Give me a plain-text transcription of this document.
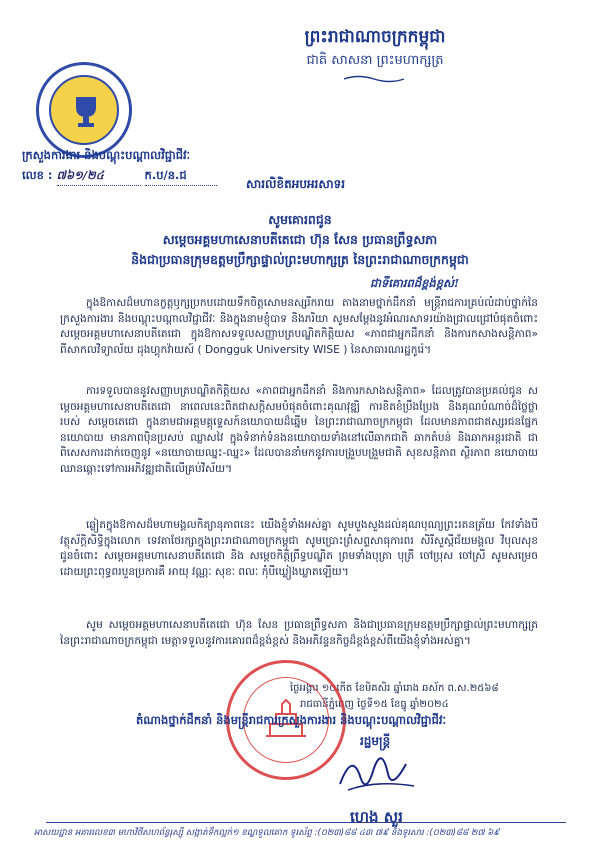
ព្រះរាជាណាចក្រកម្ពុជា
ជាតិ សាសនា ព្រះមហាក្សត្រ
ក្រសួងការងារ និងបណ្តុះបណ្តាលវិជ្ជាជីវៈ
លេខ : ៧៦១/២៤	ក.ប/ន.ជ
សារលិខិតអបអរសាទរ
សូមគោរពជូន
សម្តេចអគ្គមហាសេនាបតីតេជោ ហ៊ុន សែន ប្រធានព្រឹទ្ធសភា
និងជាប្រធានក្រុមឧត្តមប្រឹក្សាផ្ទាល់ព្រះមហាក្សត្រ នៃព្រះរាជាណាចក្រកម្ពុជា
ជាទីគោរពដ៏ខ្ពង់ខ្ពស់!
ក្នុងឱកាសដ៏មហានក្ខត្តឫក្សប្រកបដោយទឹកចិត្តសោមនស្សរីករាយ តាងនាមថ្នាក់ដឹកនាំ មន្ត្រីរាជការគ្រប់លំដាប់ថ្នាក់នៃក្រសួងការងារ និងបណ្តុះបណ្តាលវិជ្ជាជីវៈ និងក្នុងនាមខ្ញុំបាទ និងភរិយា សូមសម្តែងនូវអំណរសាទរយ៉ាងជ្រាលជ្រៅបំផុតចំពោះ សម្តេចអគ្គមហាសេនាបតីតេជោ ក្នុងឱកាសទទួលសញ្ញាបត្របណ្ឌិតកិត្តិយស «ភាពជាអ្នកដឹកនាំ និងការកសាងសន្តិភាព» ពីសាកលវិទ្យាល័យ ដុងហ្គុកវ៉ាយស៍ ( Dongguk University WISE ) នៃសាធារណរដ្ឋកូរ៉េ។
ការទទួលបាននូវសញ្ញាបត្របណ្ឌិតកិត្តិយស «ភាពជាអ្នកដឹកនាំ និងការកសាងសន្តិភាព» ដែលត្រូវបានប្រគល់ជូន សម្តេចអគ្គមហាសេនាបតីតេជោ នាពេលនេះពិតជាសក្តិសមបំផុតចំពោះគុណវុឌ្ឍិ ការខិតខំប្រឹងប្រែង និងគុណបំណាច់ដ៏ថ្លៃថ្លារបស់ សម្តេចតេជោ ក្នុងនាមជាអគ្គមគ្គុទ្ទេសក៍នយោបាយដ៏ឆ្នើម នៃព្រះរាជាណាចក្រកម្ពុជា ដែលមានភាពជាឥស្សរជនផ្នែកនយោបាយ មានភាពប៉ិនប្រសប់ ឈ្លាសវៃ ក្នុងទំនាក់ទំនងនយោបាយទាំងនៅលើឆាកជាតិ ឆាកតំបន់ និងឆាកអន្តរជាតិ ជាពិសេសការដាក់ចេញនូវ «នយោបាយឈ្នះ-ឈ្នះ» ដែលបាននាំមកនូវការបង្រួបបង្រួមជាតិ សុខសន្តិភាព ស្ថិរភាព នយោបាយ ឈានឆ្ពោះទៅការអភិវឌ្ឍជាតិលើគ្រប់វិស័យ។
ឆ្លៀតក្នុងឱកាសដ៏មហាមង្គលកិត្យានុភាពនេះ យើងខ្ញុំទាំងអស់គ្នា សូមបួងសួងដល់គុណបុណ្យព្រះរតនត្រ័យ កែវទាំងបី វត្ថុស័ក្តិសិទ្ធិក្នុងលោក ទេវតាថែរក្សាក្នុងព្រះរាជាណាចក្រកម្ពុជា សូមប្រោះព្រំសព្ទសាធុការពរ សិរីសួស្តីជ័យមង្គល វិបុលសុខ ជូនចំពោះ សម្តេចអគ្គមហាសេនាបតីតេជោ និង សម្តេចកិត្តិព្រឹទ្ធបណ្ឌិត ព្រមទាំងបុត្រា បុត្រី ចៅប្រុស ចៅស្រី សូមសម្រេចដោយព្រះពុទ្ធពរបួនប្រការគឺ អាយុ វណ្ណៈ សុខៈ ពលៈ កុំបីឃ្លៀងឃ្លាតឡើយ។
សូម សម្តេចអគ្គមហាសេនាបតីតេជោ ហ៊ុន សែន ប្រធានព្រឹទ្ធសភា និងជាប្រធានក្រុមឧត្តមប្រឹក្សាផ្ទាល់ព្រះមហាក្សត្រ នៃព្រះរាជាណាចក្រកម្ពុជា មេត្តាទទួលនូវការគោរពដ៏ខ្ពង់ខ្ពស់ និងអភិវន្ទនកិច្ចដ៏ខ្ពង់ខ្ពស់ពីយើងខ្ញុំទាំងអស់គ្នា។
ថ្ងៃអង្គារ ១០កើត ខែមិគសិរ ឆ្នាំរោង ឆស័ក ព.ស.២៥៦៨
រាជធានីភ្នំពេញ ថ្ងៃទី១៥ ខែធ្នូ ឆ្នាំ២០២៤
តំណាងថ្នាក់ដឹកនាំ និងមន្ត្រីរាជការក្រសួងការងារ និងបណ្តុះបណ្តាលវិជ្ជាជីវៈ
រដ្ឋមន្ត្រី
ហេង សួរ
អាសយដ្ឋាន អគារលេខ៣ មហាវិថីសហព័ន្ធរុស្ស៊ី សង្កាត់ទឹកល្អក់១ ខណ្ឌទួលគោក ទូរស័ព្ទ :(០២៣)៨៨ ៤៣ ៧៩ និងទូរសារ :(០២៣)៨៨ ២៧ ៦៩
